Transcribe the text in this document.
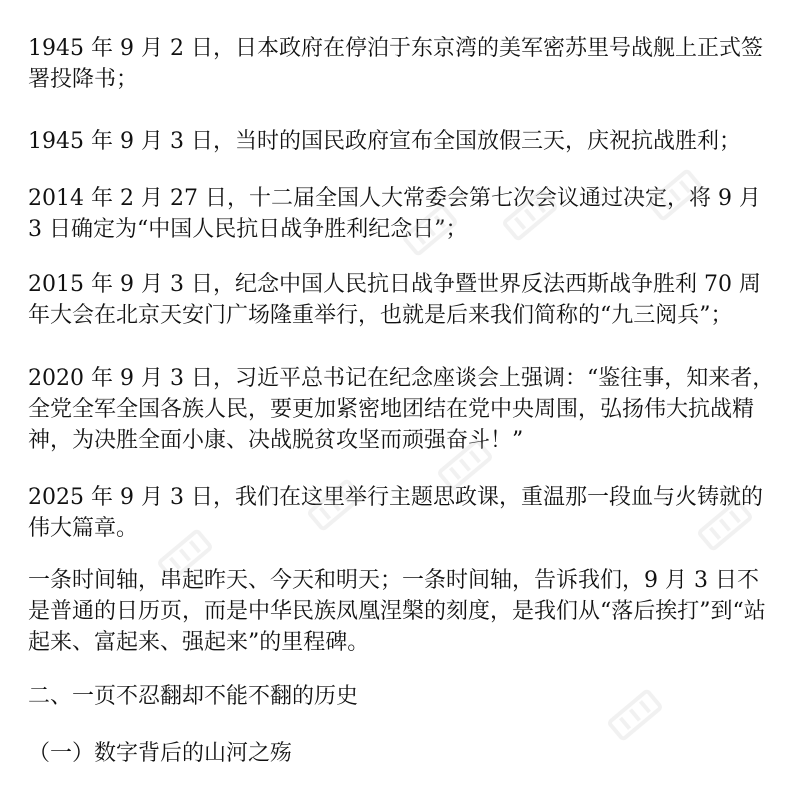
1945 年 9 月 2 日，日本政府在停泊于东京湾的美军密苏里号战舰上正式签署投降书；

1945 年 9 月 3 日，当时的国民政府宣布全国放假三天，庆祝抗战胜利；

2014 年 2 月 27 日，十二届全国人大常委会第七次会议通过决定，将 9 月 3 日确定为“中国人民抗日战争胜利纪念日”；

2015 年 9 月 3 日，纪念中国人民抗日战争暨世界反法西斯战争胜利 70 周年大会在北京天安门广场隆重举行，也就是后来我们简称的“九三阅兵”；

2020 年 9 月 3 日，习近平总书记在纪念座谈会上强调：“鉴往事，知来者，全党全军全国各族人民，要更加紧密地团结在党中央周围，弘扬伟大抗战精神，为决胜全面小康、决战脱贫攻坚而顽强奋斗！”

2025 年 9 月 3 日，我们在这里举行主题思政课，重温那一段血与火铸就的伟大篇章。

一条时间轴，串起昨天、今天和明天；一条时间轴，告诉我们，9 月 3 日不是普通的日历页，而是中华民族凤凰涅槃的刻度，是我们从“落后挨打”到“站起来、富起来、强起来”的里程碑。

二、一页不忍翻却不能不翻的历史

（一）数字背后的山河之殇
